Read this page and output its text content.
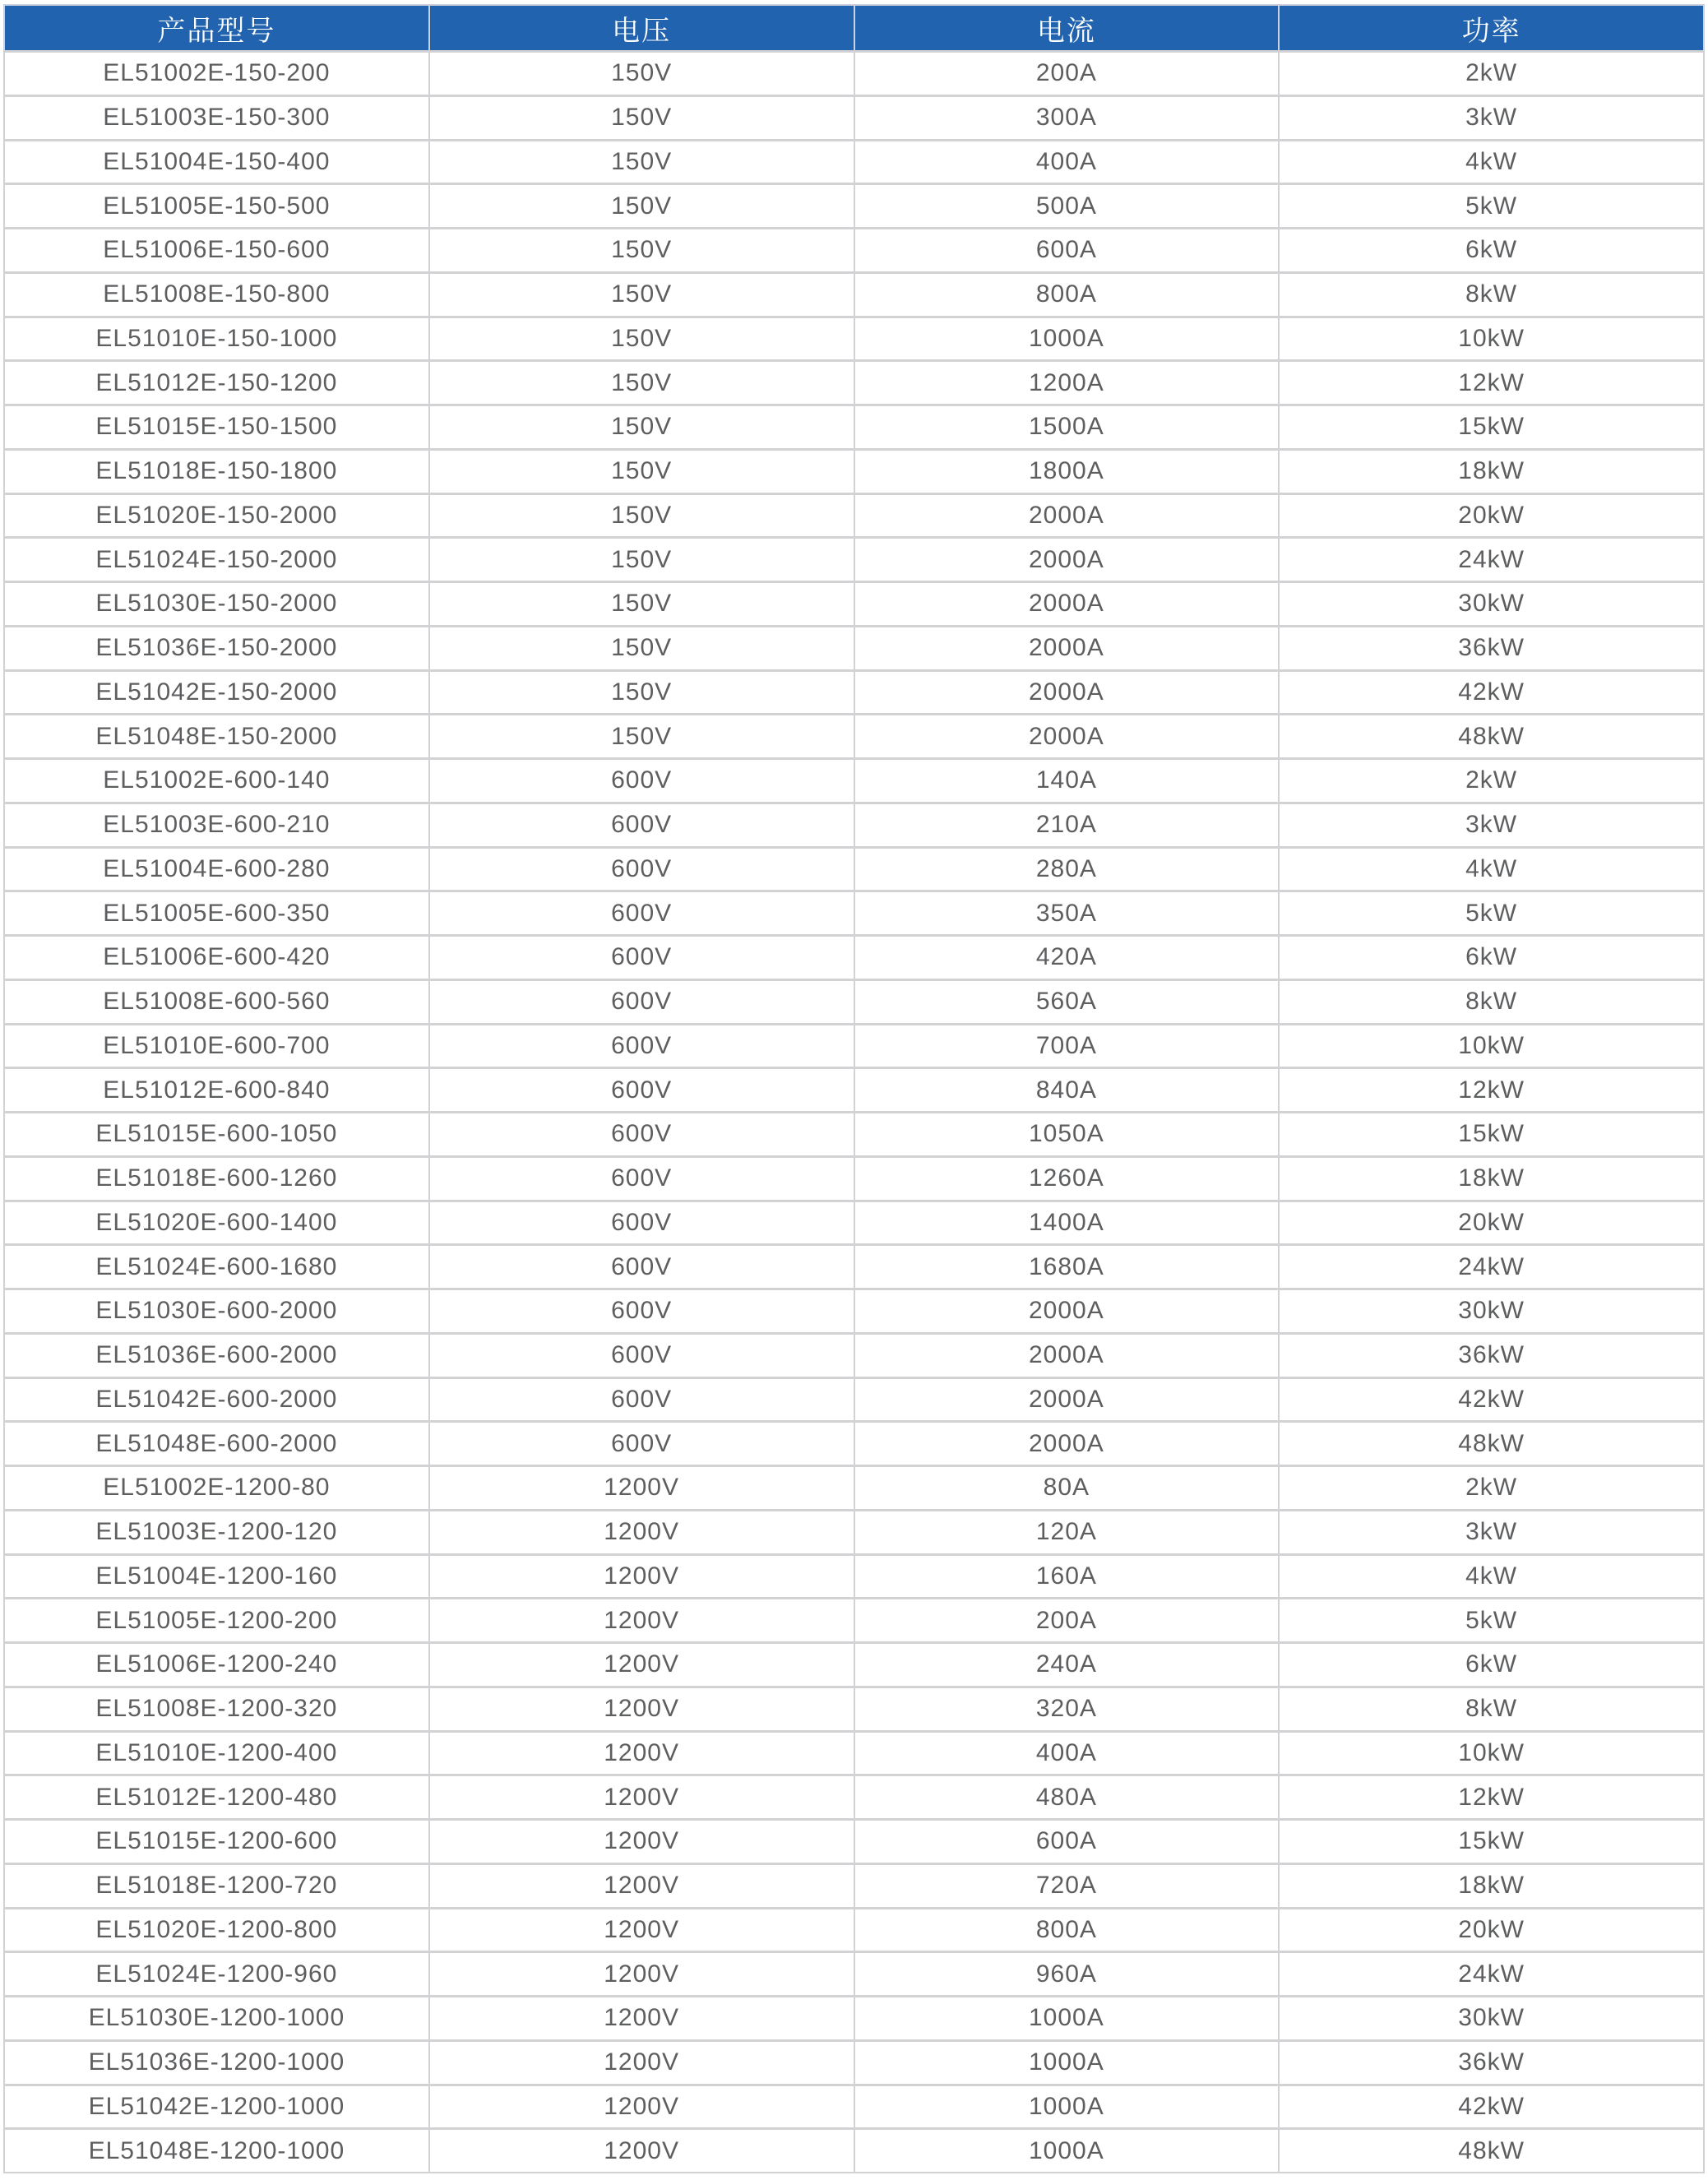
产品型号	电压	电流	功率
EL51002E-150-200	150V	200A	2kW
EL51003E-150-300	150V	300A	3kW
EL51004E-150-400	150V	400A	4kW
EL51005E-150-500	150V	500A	5kW
EL51006E-150-600	150V	600A	6kW
EL51008E-150-800	150V	800A	8kW
EL51010E-150-1000	150V	1000A	10kW
EL51012E-150-1200	150V	1200A	12kW
EL51015E-150-1500	150V	1500A	15kW
EL51018E-150-1800	150V	1800A	18kW
EL51020E-150-2000	150V	2000A	20kW
EL51024E-150-2000	150V	2000A	24kW
EL51030E-150-2000	150V	2000A	30kW
EL51036E-150-2000	150V	2000A	36kW
EL51042E-150-2000	150V	2000A	42kW
EL51048E-150-2000	150V	2000A	48kW
EL51002E-600-140	600V	140A	2kW
EL51003E-600-210	600V	210A	3kW
EL51004E-600-280	600V	280A	4kW
EL51005E-600-350	600V	350A	5kW
EL51006E-600-420	600V	420A	6kW
EL51008E-600-560	600V	560A	8kW
EL51010E-600-700	600V	700A	10kW
EL51012E-600-840	600V	840A	12kW
EL51015E-600-1050	600V	1050A	15kW
EL51018E-600-1260	600V	1260A	18kW
EL51020E-600-1400	600V	1400A	20kW
EL51024E-600-1680	600V	1680A	24kW
EL51030E-600-2000	600V	2000A	30kW
EL51036E-600-2000	600V	2000A	36kW
EL51042E-600-2000	600V	2000A	42kW
EL51048E-600-2000	600V	2000A	48kW
EL51002E-1200-80	1200V	80A	2kW
EL51003E-1200-120	1200V	120A	3kW
EL51004E-1200-160	1200V	160A	4kW
EL51005E-1200-200	1200V	200A	5kW
EL51006E-1200-240	1200V	240A	6kW
EL51008E-1200-320	1200V	320A	8kW
EL51010E-1200-400	1200V	400A	10kW
EL51012E-1200-480	1200V	480A	12kW
EL51015E-1200-600	1200V	600A	15kW
EL51018E-1200-720	1200V	720A	18kW
EL51020E-1200-800	1200V	800A	20kW
EL51024E-1200-960	1200V	960A	24kW
EL51030E-1200-1000	1200V	1000A	30kW
EL51036E-1200-1000	1200V	1000A	36kW
EL51042E-1200-1000	1200V	1000A	42kW
EL51048E-1200-1000	1200V	1000A	48kW
